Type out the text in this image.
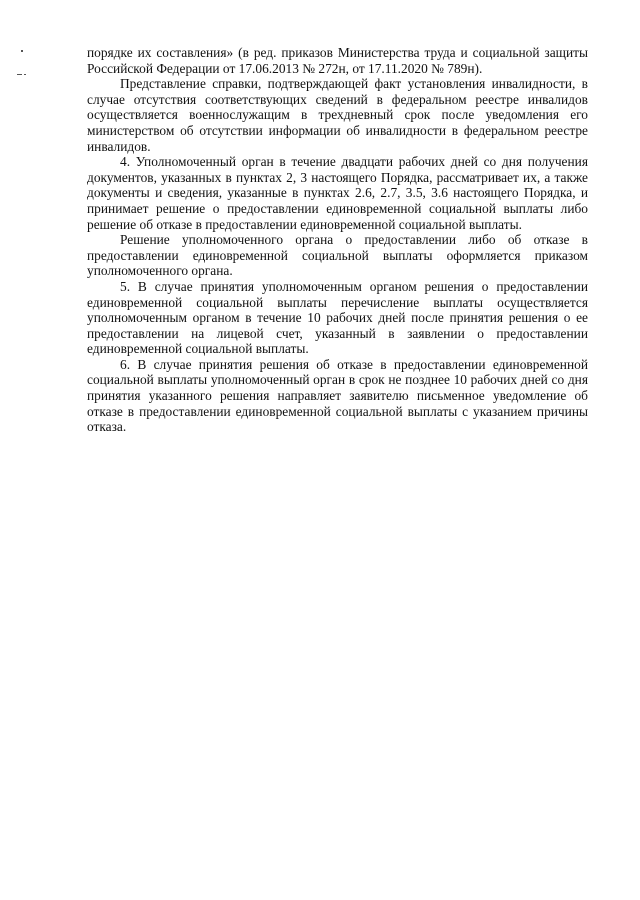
порядке их составления» (в ред. приказов Министерства труда и социальной защиты Российской Федерации от 17.06.2013 № 272н, от 17.11.2020 № 789н).

Представление справки, подтверждающей факт установления инвалидности, в случае отсутствия соответствующих сведений в федеральном реестре инвалидов осуществляется военнослужащим в трехдневный срок после уведомления его министерством об отсутствии информации об инвалидности в федеральном реестре инвалидов.

4. Уполномоченный орган в течение двадцати рабочих дней со дня получения документов, указанных в пунктах 2, 3 настоящего Порядка, рассматривает их, а также документы и сведения, указанные в пунктах 2.6, 2.7, 3.5, 3.6 настоящего Порядка, и принимает решение о предоставлении единовременной социальной выплаты либо решение об отказе в предоставлении единовременной социальной выплаты.

Решение уполномоченного органа о предоставлении либо об отказе в предоставлении единовременной социальной выплаты оформляется приказом уполномоченного органа.

5. В случае принятия уполномоченным органом решения о предоставлении единовременной социальной выплаты перечисление выплаты осуществляется уполномоченным органом в течение 10 рабочих дней после принятия решения о ее предоставлении на лицевой счет, указанный в заявлении о предоставлении единовременной социальной выплаты.

6. В случае принятия решения об отказе в предоставлении единовременной социальной выплаты уполномоченный орган в срок не позднее 10 рабочих дней со дня принятия указанного решения направляет заявителю письменное уведомление об отказе в предоставлении единовременной социальной выплаты с указанием причины отказа.
